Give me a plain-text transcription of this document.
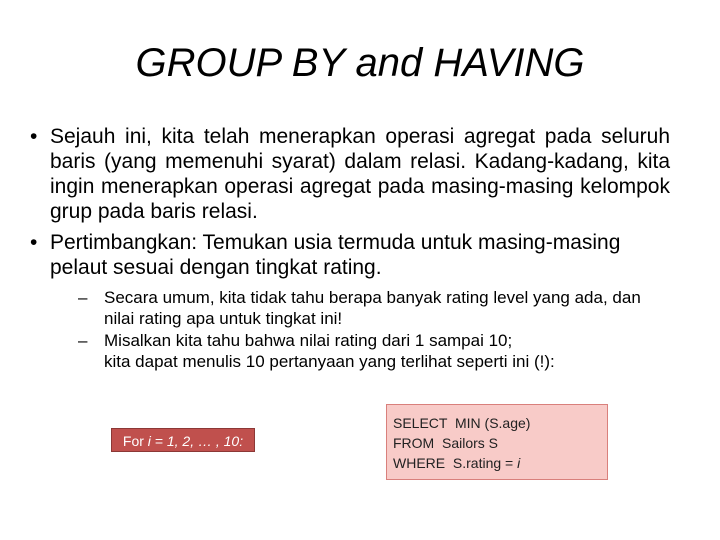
GROUP BY and HAVING
• Sejauh ini, kita telah menerapkan operasi agregat pada seluruh baris (yang memenuhi syarat) dalam relasi. Kadang-kadang, kita ingin menerapkan operasi agregat pada masing-masing kelompok grup pada baris relasi.
• Pertimbangkan: Temukan usia termuda untuk masing-masing pelaut sesuai dengan tingkat rating.
– Secara umum, kita tidak tahu berapa banyak rating level yang ada, dan nilai rating apa untuk tingkat ini!
– Misalkan kita tahu bahwa nilai rating dari 1 sampai 10;
kita dapat menulis 10 pertanyaan yang terlihat seperti ini (!):
For i = 1, 2, … , 10:
SELECT  MIN (S.age)
FROM  Sailors S
WHERE  S.rating = i
